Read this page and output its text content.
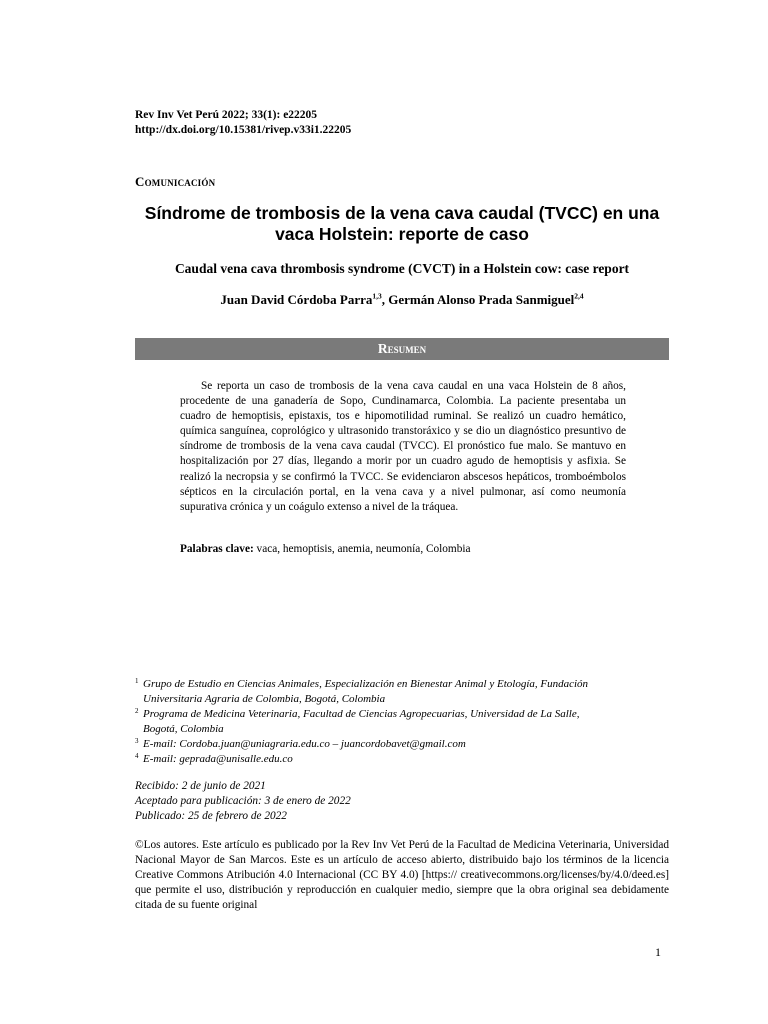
Rev Inv Vet Perú 2022; 33(1): e22205
http://dx.doi.org/10.15381/rivep.v33i1.22205
Comunicación
Síndrome de trombosis de la vena cava caudal (TVCC) en una
vaca Holstein: reporte de caso
Caudal vena cava thrombosis syndrome (CVCT) in a Holstein cow: case report
Juan David Córdoba Parra$^{1,3}$, Germán Alonso Prada Sanmiguel$^{2,4}$
Resumen

Se reporta un caso de trombosis de la vena cava caudal en una vaca Holstein de 8 años, procedente de una ganadería de Sopo, Cundinamarca, Colombia. La paciente presentaba un cuadro de hemoptisis, epistaxis, tos e hipomotilidad ruminal. Se realizó un cuadro hemático, química sanguínea, coprológico y ultrasonido transtoráxico y se dio un diagnóstico presuntivo de síndrome de trombosis de la vena cava caudal (TVCC). El pronóstico fue malo. Se mantuvo en hospitalización por 27 días, llegando a morir por un cuadro agudo de hemoptisis y asfixia. Se realizó la necropsia y se confirmó la TVCC. Se evidenciaron abscesos hepáticos, tromboémbolos sépticos en la circulación portal, en la vena cava y a nivel pulmonar, así como neumonía supurativa crónica y un coágulo extenso a nivel de la tráquea.

Palabras clave: vaca, hemoptisis, anemia, neumonía, Colombia
1 Grupo de Estudio en Ciencias Animales, Especialización en Bienestar Animal y Etología, Fundación
Universitaria Agraria de Colombia, Bogotá, Colombia
2 Programa de Medicina Veterinaria, Facultad de Ciencias Agropecuarias, Universidad de La Salle,
Bogotá, Colombia
3 E-mail: Cordoba.juan@uniagraria.edu.co – juancordobavet@gmail.com
4 E-mail: geprada@unisalle.edu.co
Recibido: 2 de junio de 2021
Aceptado para publicación: 3 de enero de 2022
Publicado: 25 de febrero de 2022
©Los autores. Este artículo es publicado por la Rev Inv Vet Perú de la Facultad de Medicina Veterinaria, Universidad Nacional Mayor de San Marcos. Este es un artículo de acceso abierto, distribuido bajo los términos de la licencia Creative Commons Atribución 4.0 Internacional (CC BY 4.0) [https:// creativecommons.org/licenses/by/4.0/deed.es] que permite el uso, distribución y reproducción en cualquier medio, siempre que la obra original sea debidamente citada de su fuente original
1
